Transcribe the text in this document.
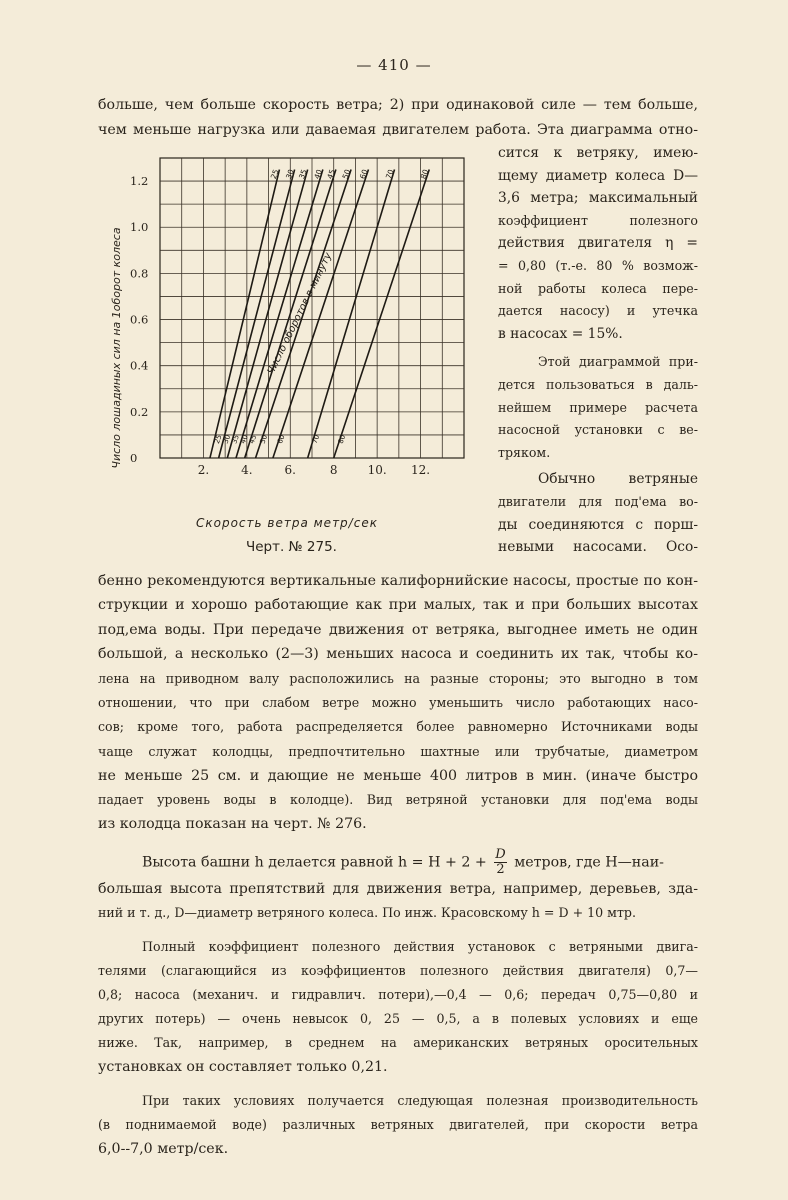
— 410 —
больше, чем больше скорость ветра; 2) при одинаковой силе — тем больше,
чем меньше нагрузка или даваемая двигателем работа. Эта диаграмма отно-
сится к ветряку, имею-
щему диаметр колеса D—
3,6 метра; максимальный
коэффициент полезного
действия двигателя η =
= 0,80 (т.-е. 80 % возмож-
ной работы колеса пере-
дается насосу) и утечка
в насосах = 15%.
Этой диаграммой при-
дется пользоваться в даль-
нейшем примере расчета
насосной установки с ве-
тряком.
Обычно ветряные
двигатели для под'ема во-
ды соединяются с порш-
невыми насосами. Осо-
2.	4.	6.	8	10. 12.
0
0.2
0.4
0.6
0.8
1.0
1.2
Число лошадиных сил на 1оборот колеса
25
25
30
30
35
35
40
40
45
45
50
50
60
60
70
70
80
80
Число оборотов в минуту
Скорость ветра метр/сек
Черт. № 275.
бенно рекомендуются вертикальные калифорнийские насосы, простые по кон-
струкции и хорошо работающие как при малых, так и при больших высотах
под,ема воды. При передаче движения от ветряка, выгоднее иметь не один
большой, а несколько (2—3) меньших насоса и соединить их так, чтобы ко-
лена на приводном валу расположились на разные стороны; это выгодно в том
отношении, что при слабом ветре можно уменьшить число работающих насо-
сов; кроме того, работа распределяется более равномерно Источниками воды
чаще служат колодцы, предпочтительно шахтные или трубчатые, диаметром
не меньше 25 см. и дающие не меньше 400 литров в мин. (иначе быстро
падает уровень воды в колодце). Вид ветряной установки для под'ема воды
из колодца показан на черт. № 276.
Высота башни h делается равной $h = H + 2 + \frac{D}{2}$ метров, где H—наи-
большая высота препятствий для движения ветра, например, деревьев, зда-
ний и т. д., D—диаметр ветряного колеса. По инж. Красовскому h = D + 10 мтр.
Полный коэффициент полезного действия установок с ветряными двига-
телями (слагающийся из коэффициентов полезного действия двигателя) 0,7—
0,8; насоса (механич. и гидравлич. потери),—0,4 — 0,6; передач 0,75—0,80 и
других потерь) — очень невысок 0, 25 — 0,5, а в полевых условиях и еще
ниже. Так, например, в среднем на американских ветряных оросительных
установках он составляет только 0,21.
При таких условиях получается следующая полезная производительность
(в поднимаемой воде) различных ветряных двигателей, при скорости ветра
6,0--7,0 метр/сек.
